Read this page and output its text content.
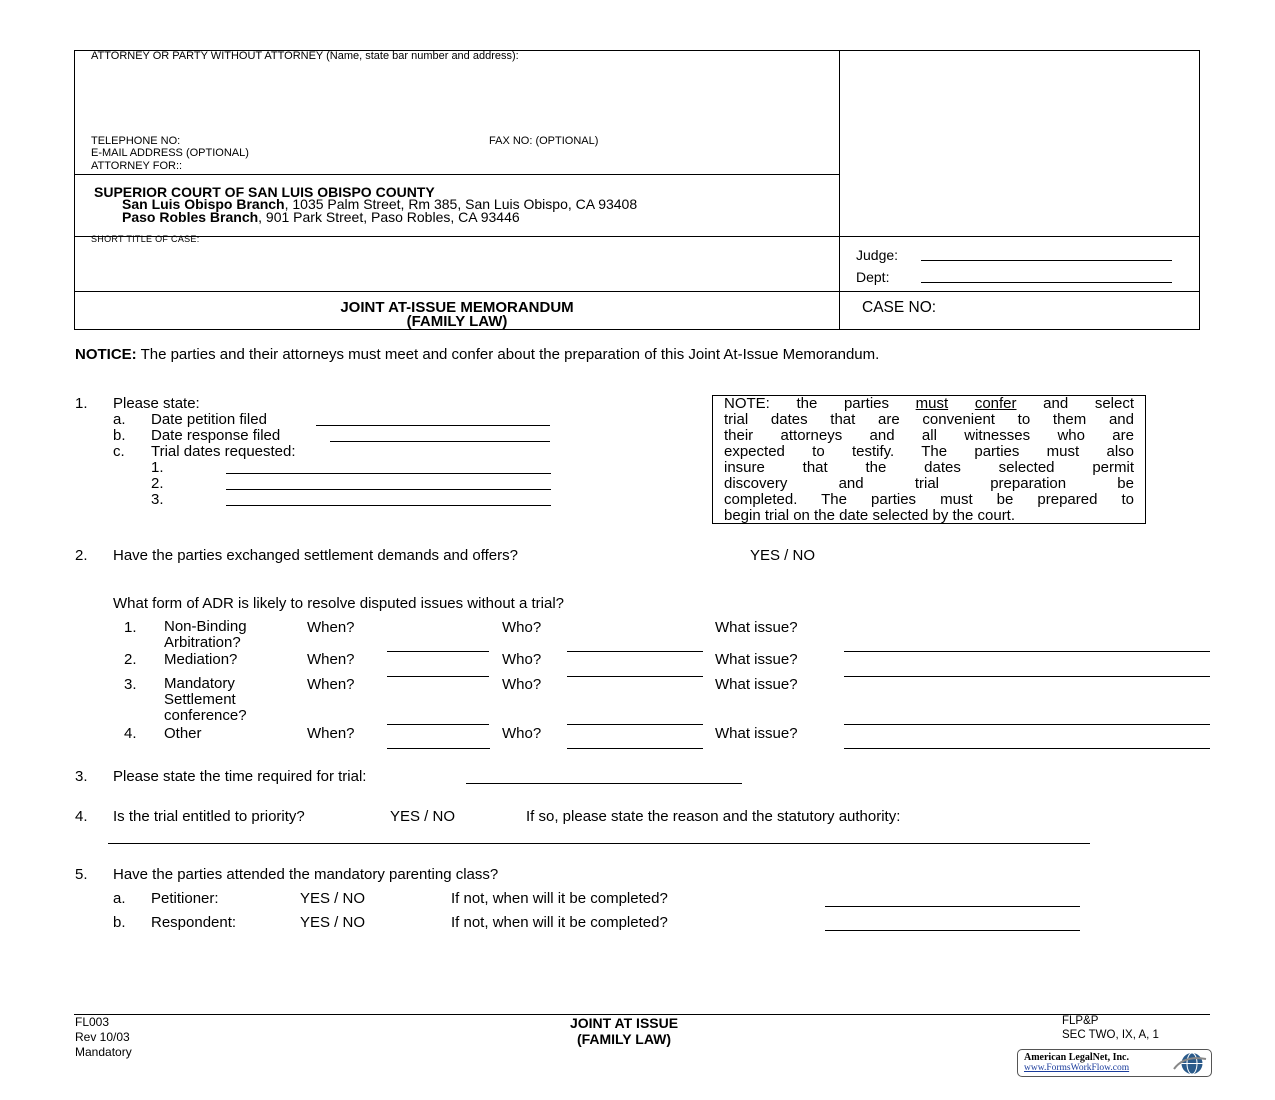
ATTORNEY OR PARTY WITHOUT ATTORNEY (Name, state bar number and address):
TELEPHONE NO:	FAX NO: (OPTIONAL)
E-MAIL ADDRESS (OPTIONAL)
ATTORNEY FOR::
SUPERIOR COURT OF SAN LUIS OBISPO COUNTY
San Luis Obispo Branch, 1035 Palm Street, Rm 385, San Luis Obispo, CA 93408
Paso Robles Branch, 901 Park Street, Paso Robles, CA 93446
SHORT TITLE OF CASE:
Judge:
Dept:
JOINT AT-ISSUE MEMORANDUM
(FAMILY LAW)
CASE NO:
NOTICE: The parties and their attorneys must meet and confer about the preparation of this Joint At-Issue Memorandum.
1. Please state:
a. Date petition filed
b. Date response filed
c. Trial dates requested:
1.
2.
3.

NOTE: the parties must confer and select

trial dates that are convenient to them and

their attorneys and all witnesses who are

expected to testify. The parties must also

insure that the dates selected permit

discovery and trial preparation be

completed. The parties must be prepared to

begin trial on the date selected by the court.

2. Have the parties exchanged settlement demands and offers?	YES / NO
What form of ADR is likely to resolve disputed issues without a trial?
1. Non-Binding
Arbitration?
When?	Who?	What issue?
2. Mediation?	When?	Who?	What issue?
3. Mandatory
Settlement
conference?
When?	Who?	What issue?
4. Other	When?	Who?	What issue?
3. Please state the time required for trial:
4. Is the trial entitled to priority?	YES / NO	If so, please state the reason and the statutory authority:
5. Have the parties attended the mandatory parenting class?
a. Petitioner:	YES / NO	If not, when will it be completed?
b. Respondent:	YES / NO	If not, when will it be completed?
FL003
Rev 10/03
Mandatory
JOINT AT ISSUE
(FAMILY LAW)
FLP&P
SEC TWO, IX, A, 1
American LegalNet, Inc.
www.FormsWorkFlow.com
